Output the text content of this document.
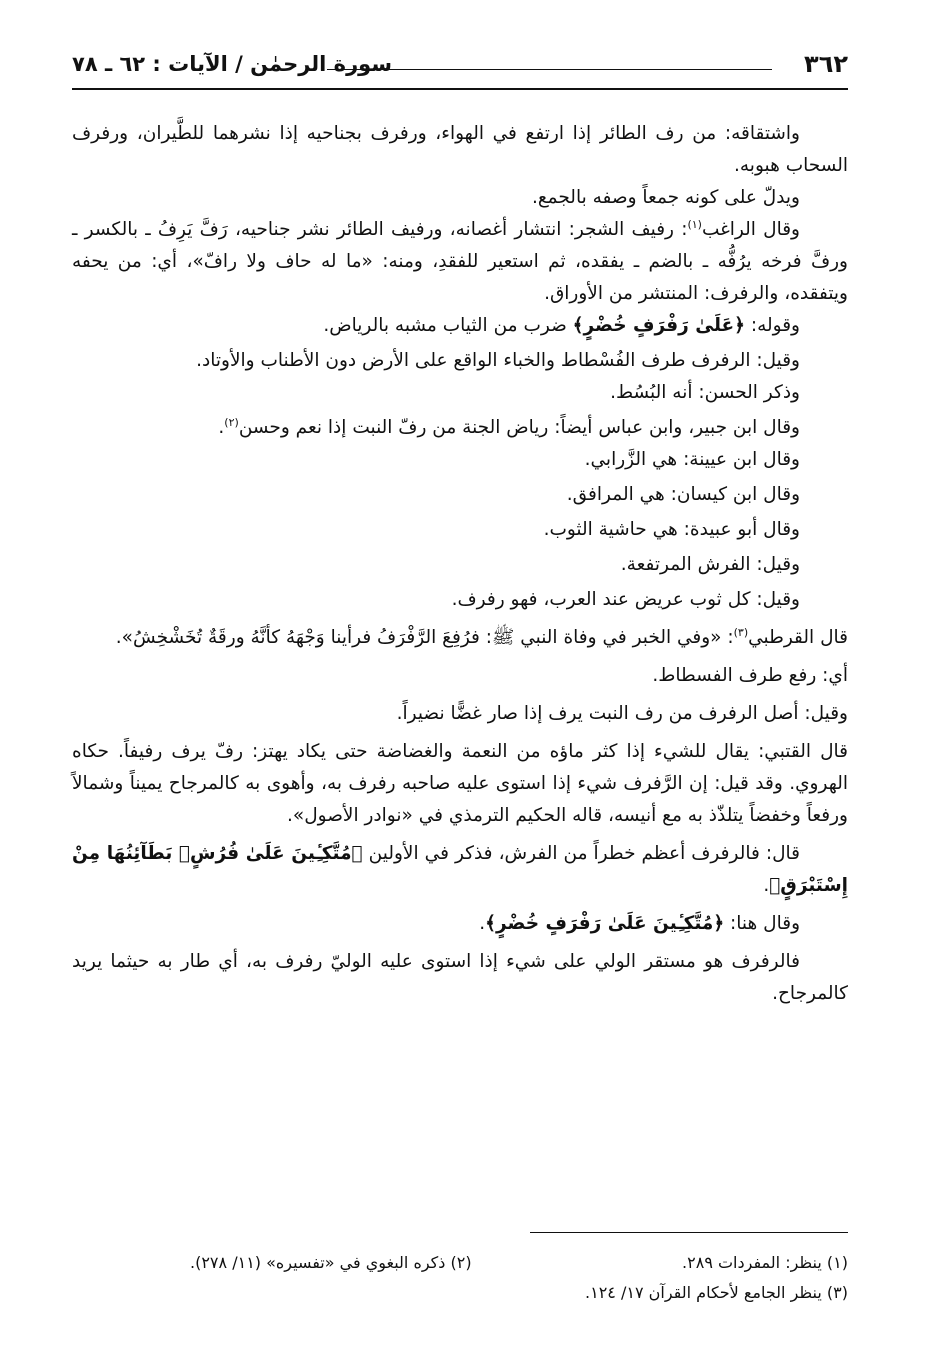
٣٦٢
سورة الرحمٰن / الآيات : ٦٢ ـ ٧٨

واشتقاقه: من رف الطائر إذا ارتفع في الهواء، ورفرف بجناحيه إذا نشرهما للطَّيران، ورفرف السحاب هبوبه.

ويدلّ على كونه جمعاً وصفه بالجمع.

وقال الراغب$^{(١)}$: رفيف الشجر: انتشار أغصانه، ورفيف الطائر نشر جناحيه، رَفَّ يَرِفُ ـ بالكسر ـ ورفَّ فرخه يرُفُّه ـ بالضم ـ يفقده، ثم استعير للفقدِ، ومنه: «ما له حاف ولا رافّ»، أي: من يحفه ويتفقده، والرفرف: المنتشر من الأوراق.

وقوله: ﴿عَلَىٰ رَفْرَفٍ خُضْرٍ﴾ ضرب من الثياب مشبه بالرياض.

وقيل: الرفرف طرف الفُسْطاط والخباء الواقع على الأرض دون الأطناب والأوتاد.

وذكر الحسن: أنه البُسُط.

وقال ابن جبير، وابن عباس أيضاً: رياض الجنة من رفّ النبت إذا نعم وحسن$^{(٢)}$.

وقال ابن عيينة: هي الزَّرابي.

وقال ابن كيسان: هي المرافق.

وقال أبو عبيدة: هي حاشية الثوب.

وقيل: الفرش المرتفعة.

وقيل: كل ثوب عريض عند العرب، فهو رفرف.

قال القرطبي$^{(٣)}$: «وفي الخبر في وفاة النبي ﷺ: فرُفِعَ الرَّفْرَفُ فرأينا وَجْهَهُ كأنَّهُ ورقَةٌ تُخَشْخِشُ».

أي: رفع طرف الفسطاط.

وقيل: أصل الرفرف من رف النبت يرف إذا صار غضًّا نضيراً.

قال القتبي: يقال للشيء إذا كثر ماؤه من النعمة والغضاضة حتى يكاد يهتز: رفّ يرف رفيفاً. حكاه الهروي. وقد قيل: إن الرَّفرف شيء إذا استوى عليه صاحبه رفرف به، وأهوى به كالمرجاح يميناً وشمالاً ورفعاً وخفضاً يتلذّذ به مع أنيسه، قاله الحكيم الترمذي في «نوادر الأصول».

قال: فالرفرف أعظم خطراً من الفرش، فذكر في الأولين ﴿مُتَّكِـِٔينَ عَلَىٰ فُرُشٍۭ بَطَآئِنُهَا مِنْ إِسْتَبْرَقٍ﴾.

وقال هنا: ﴿مُتَّكِـِٔينَ عَلَىٰ رَفْرَفٍ خُضْرٍ﴾.

فالرفرف هو مستقر الولي على شيء إذا استوى عليه الوليّ رفرف به، أي طار به حيثما يريد كالمرجاح.

(١) ينظر: المفردات ٢٨٩.
(٢) ذكره البغوي في «تفسيره» (١١/ ٢٧٨).
(٣) ينظر الجامع لأحكام القرآن ١٧/ ١٢٤.
